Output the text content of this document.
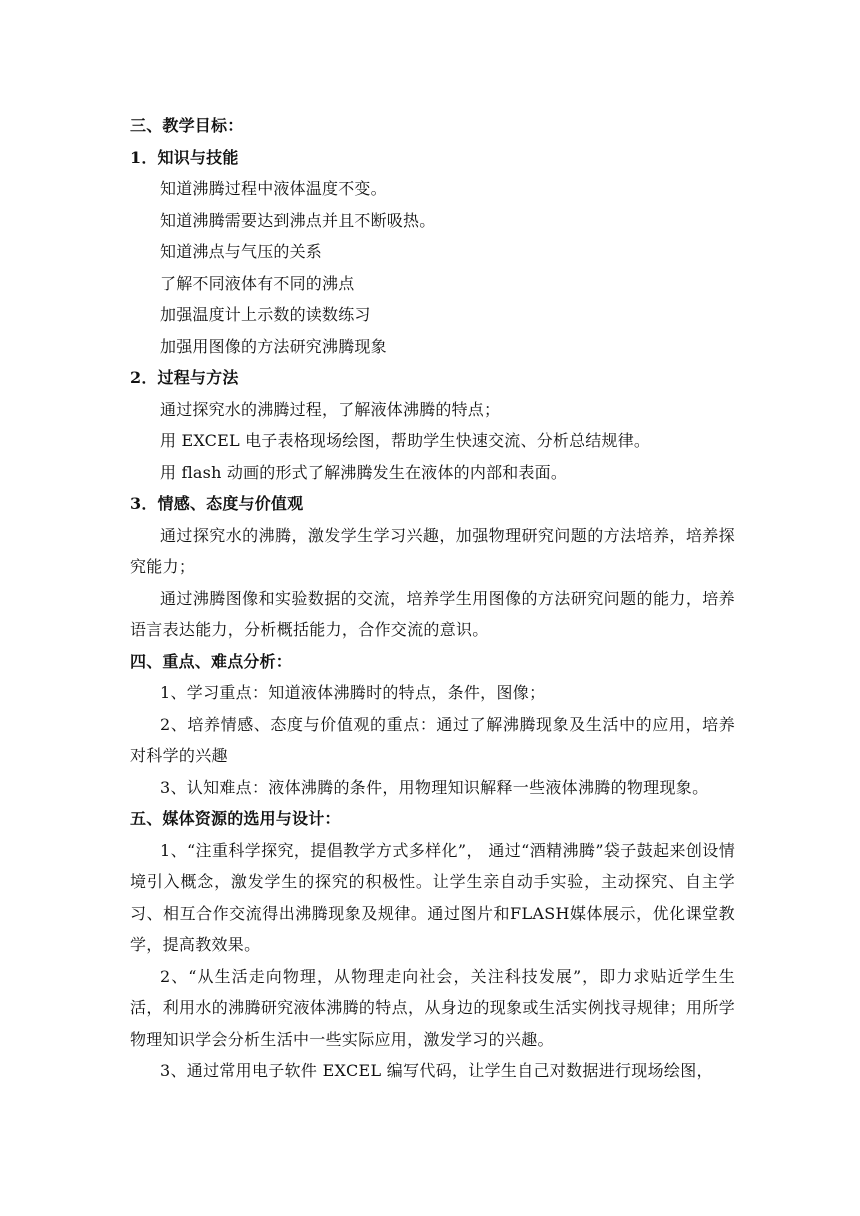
三、教学目标：
1．知识与技能
知道沸腾过程中液体温度不变。
知道沸腾需要达到沸点并且不断吸热。
知道沸点与气压的关系
了解不同液体有不同的沸点
加强温度计上示数的读数练习
加强用图像的方法研究沸腾现象
2．过程与方法
通过探究水的沸腾过程，了解液体沸腾的特点；
用 EXCEL 电子表格现场绘图，帮助学生快速交流、分析总结规律。
用 flash 动画的形式了解沸腾发生在液体的内部和表面。
3．情感、态度与价值观
通过探究水的沸腾，激发学生学习兴趣，加强物理研究问题的方法培养，培养探究能力；
通过沸腾图像和实验数据的交流，培养学生用图像的方法研究问题的能力，培养语言表达能力，分析概括能力，合作交流的意识。
四、重点、难点分析：
1、学习重点：知道液体沸腾时的特点，条件，图像；
2、培养情感、态度与价值观的重点：通过了解沸腾现象及生活中的应用，培养对科学的兴趣
3、认知难点：液体沸腾的条件，用物理知识解释一些液体沸腾的物理现象。
五、媒体资源的选用与设计：
1、“注重科学探究，提倡教学方式多样化”， 通过“酒精沸腾”袋子鼓起来创设情境引入概念，激发学生的探究的积极性。让学生亲自动手实验，主动探究、自主学习、相互合作交流得出沸腾现象及规律。通过图片和FLASH媒体展示，优化课堂教学，提高教效果。
2、“从生活走向物理，从物理走向社会，关注科技发展”，即力求贴近学生生活，利用水的沸腾研究液体沸腾的特点，从身边的现象或生活实例找寻规律；用所学物理知识学会分析生活中一些实际应用，激发学习的兴趣。
3、通过常用电子软件 EXCEL 编写代码，让学生自己对数据进行现场绘图，
